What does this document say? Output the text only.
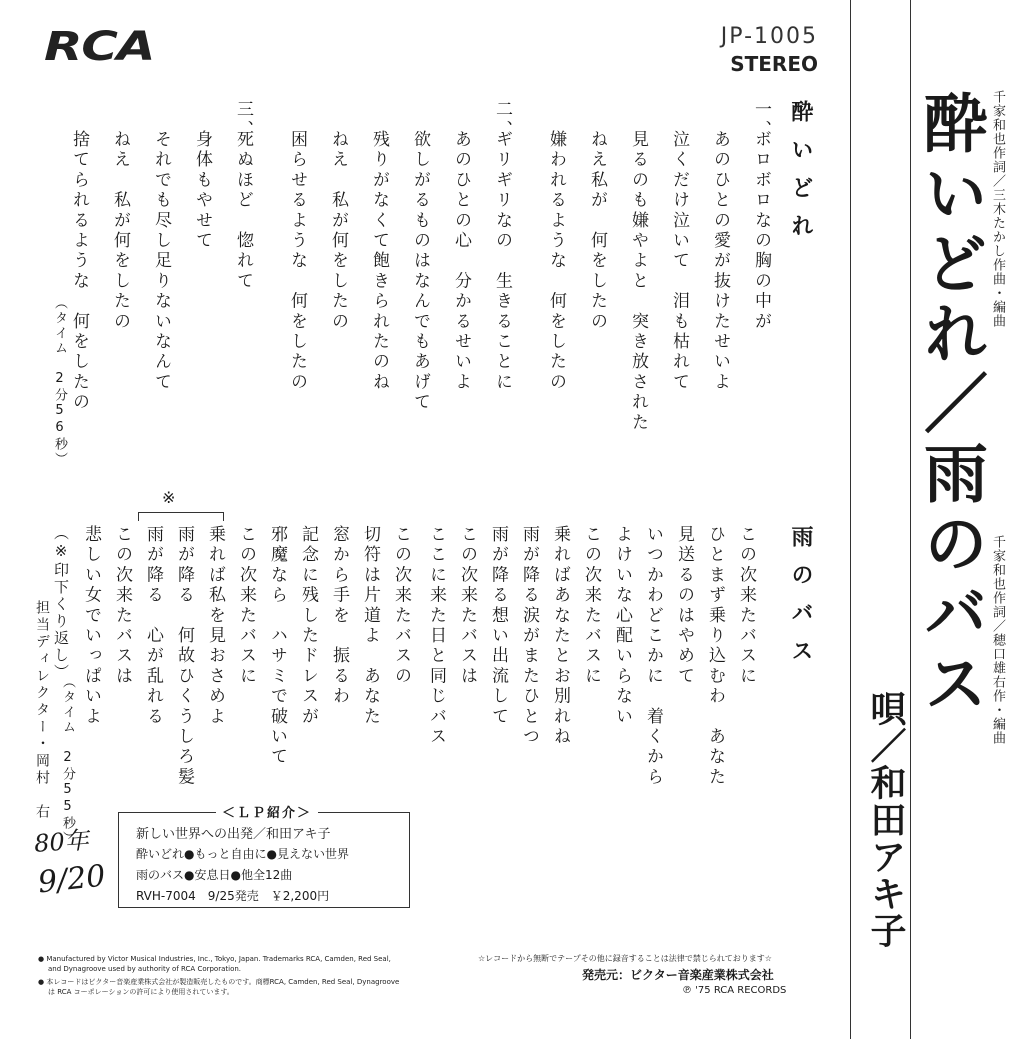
RCA	JP-1005
STEREO
酔いどれ
一、
ボロボロなの胸の中が
あのひとの愛が抜けたせいよ
泣くだけ泣いて　泪も枯れて
見るのも嫌やよと　突き放された
ねえ私が　何をしたの
嫌われるような　何をしたの
二、
ギリギリなの　生きることに
あのひとの心　分かるせいよ
欲しがるものはなんでもあげて
残りがなくて飽きられたのね
ねえ　私が何をしたの
困らせるような　何をしたの
三、
死ぬほど　惚れて
身体もやせて
それでも尽し足りないなんて
ねえ　私が何をしたの
捨てられるような　何をしたの
（タイム　2分56秒）
雨のバス
この次来たバスに
ひとまず乗り込むわ　あなた
見送るのはやめて
いつかわどこかに　着くから
よけいな心配いらない
この次来たバスに
乗ればあなたとお別れね
雨が降る涙がまたひとつ
雨が降る想い出流して
この次来たバスは
ここに来た日と同じバス
この次来たバスの
切符は片道よ　あなた
窓から手を　振るわ
記念に残したドレスが
邪魔なら　ハサミで破いて
この次来たバスに
乗れば私を見おさめよ
雨が降る　何故ひくうしろ髪
雨が降る　心が乱れる
この次来たバスは
悲しい女でいっぱいよ
※
（※印下くり返し）
（タイム　2分55秒）
担当ディレクター・岡村　右
80年
9/20
＜ＬＰ紹介＞
新しい世界への出発／和田アキ子
酔いどれ●もっと自由に●見えない世界
雨のバス●安息日●他全12曲
RVH-7004　9/25発売　￥2,200円
千家和也作詞／三木たかし作曲・編曲
千家和也作詞／穂口雄右作・編曲
酔いどれ／雨のバス
唄／和田アキ子
● Manufactured by Victor Musical Industries, Inc., Tokyo, Japan. Trademarks RCA, Camden, Red Seal,
and Dynagroove used by authority of RCA Corporation.
● 本レコードはビクター音楽産業株式会社が製造販売したものです。商標RCA, Camden, Red Seal, Dynagroove
は RCA コーポレーションの許可により使用されています。
☆レコードから無断でテープその他に録音することは法律で禁じられております☆
発売元：ビクター音楽産業株式会社
℗ '75 RCA RECORDS
